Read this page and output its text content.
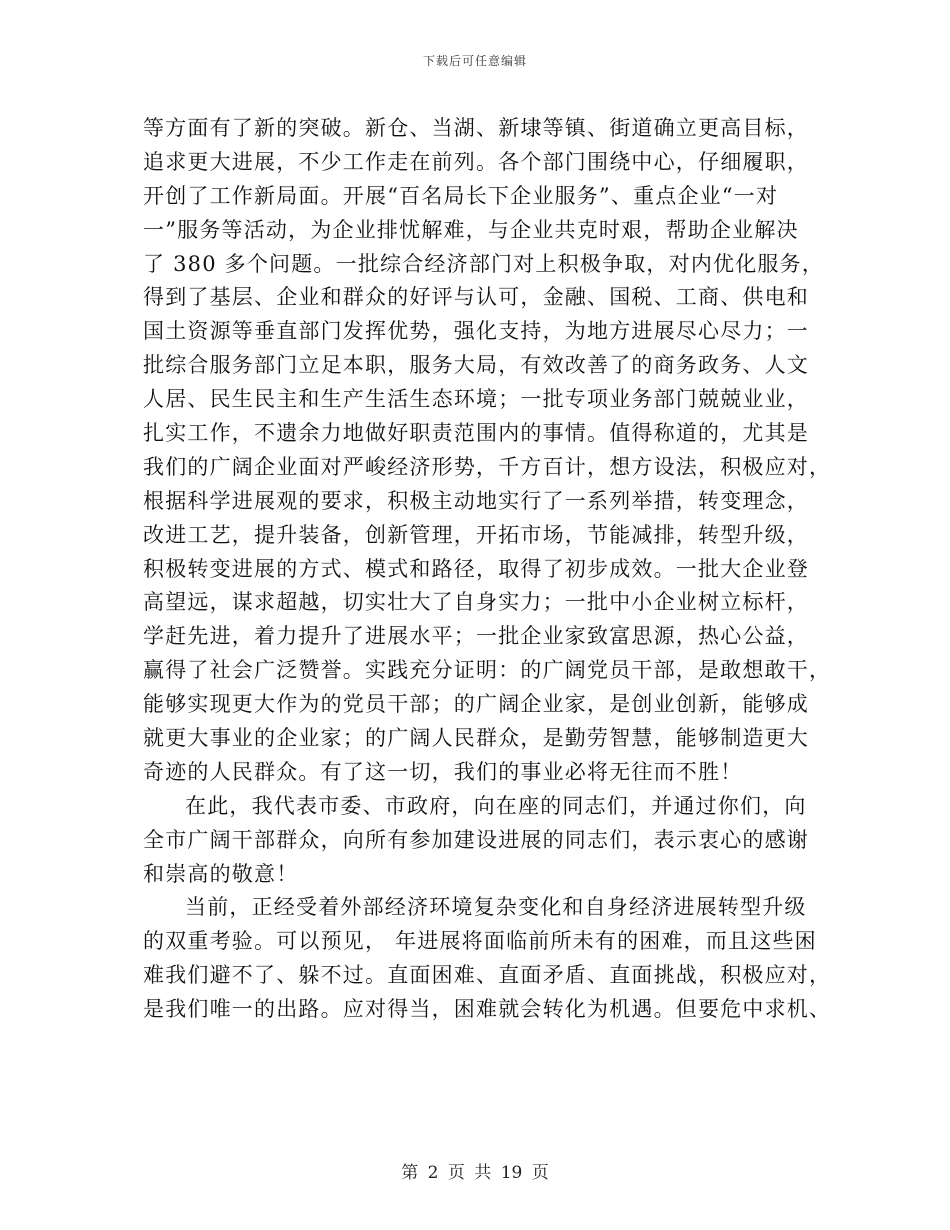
下载后可任意编辑
等方面有了新的突破。新仓、当湖、新埭等镇、街道确立更高目标，
追求更大进展，不少工作走在前列。各个部门围绕中心，仔细履职，
开创了工作新局面。开展“百名局长下企业服务”、重点企业“一对
一”服务等活动，为企业排忧解难，与企业共克时艰，帮助企业解决
了 380 多个问题。一批综合经济部门对上积极争取，对内优化服务，
得到了基层、企业和群众的好评与认可，金融、国税、工商、供电和
国土资源等垂直部门发挥优势，强化支持，为地方进展尽心尽力；一
批综合服务部门立足本职，服务大局，有效改善了的商务政务、人文
人居、民生民主和生产生活生态环境；一批专项业务部门兢兢业业，
扎实工作，不遗余力地做好职责范围内的事情。值得称道的，尤其是
我们的广阔企业面对严峻经济形势，千方百计，想方设法，积极应对，
根据科学进展观的要求，积极主动地实行了一系列举措，转变理念，
改进工艺，提升装备，创新管理，开拓市场，节能减排，转型升级，
积极转变进展的方式、模式和路径，取得了初步成效。一批大企业登
高望远，谋求超越，切实壮大了自身实力；一批中小企业树立标杆，
学赶先进，着力提升了进展水平；一批企业家致富思源，热心公益，
赢得了社会广泛赞誉。实践充分证明：的广阔党员干部，是敢想敢干，
能够实现更大作为的党员干部；的广阔企业家，是创业创新，能够成
就更大事业的企业家；的广阔人民群众，是勤劳智慧，能够制造更大
奇迹的人民群众。有了这一切，我们的事业必将无往而不胜！
在此，我代表市委、市政府，向在座的同志们，并通过你们，向
全市广阔干部群众，向所有参加建设进展的同志们，表示衷心的感谢
和崇高的敬意！
当前，正经受着外部经济环境复杂变化和自身经济进展转型升级
的双重考验。可以预见， 年进展将面临前所未有的困难，而且这些困
难我们避不了、躲不过。直面困难、直面矛盾、直面挑战，积极应对，
是我们唯一的出路。应对得当，困难就会转化为机遇。但要危中求机、
第 2 页 共 19 页
